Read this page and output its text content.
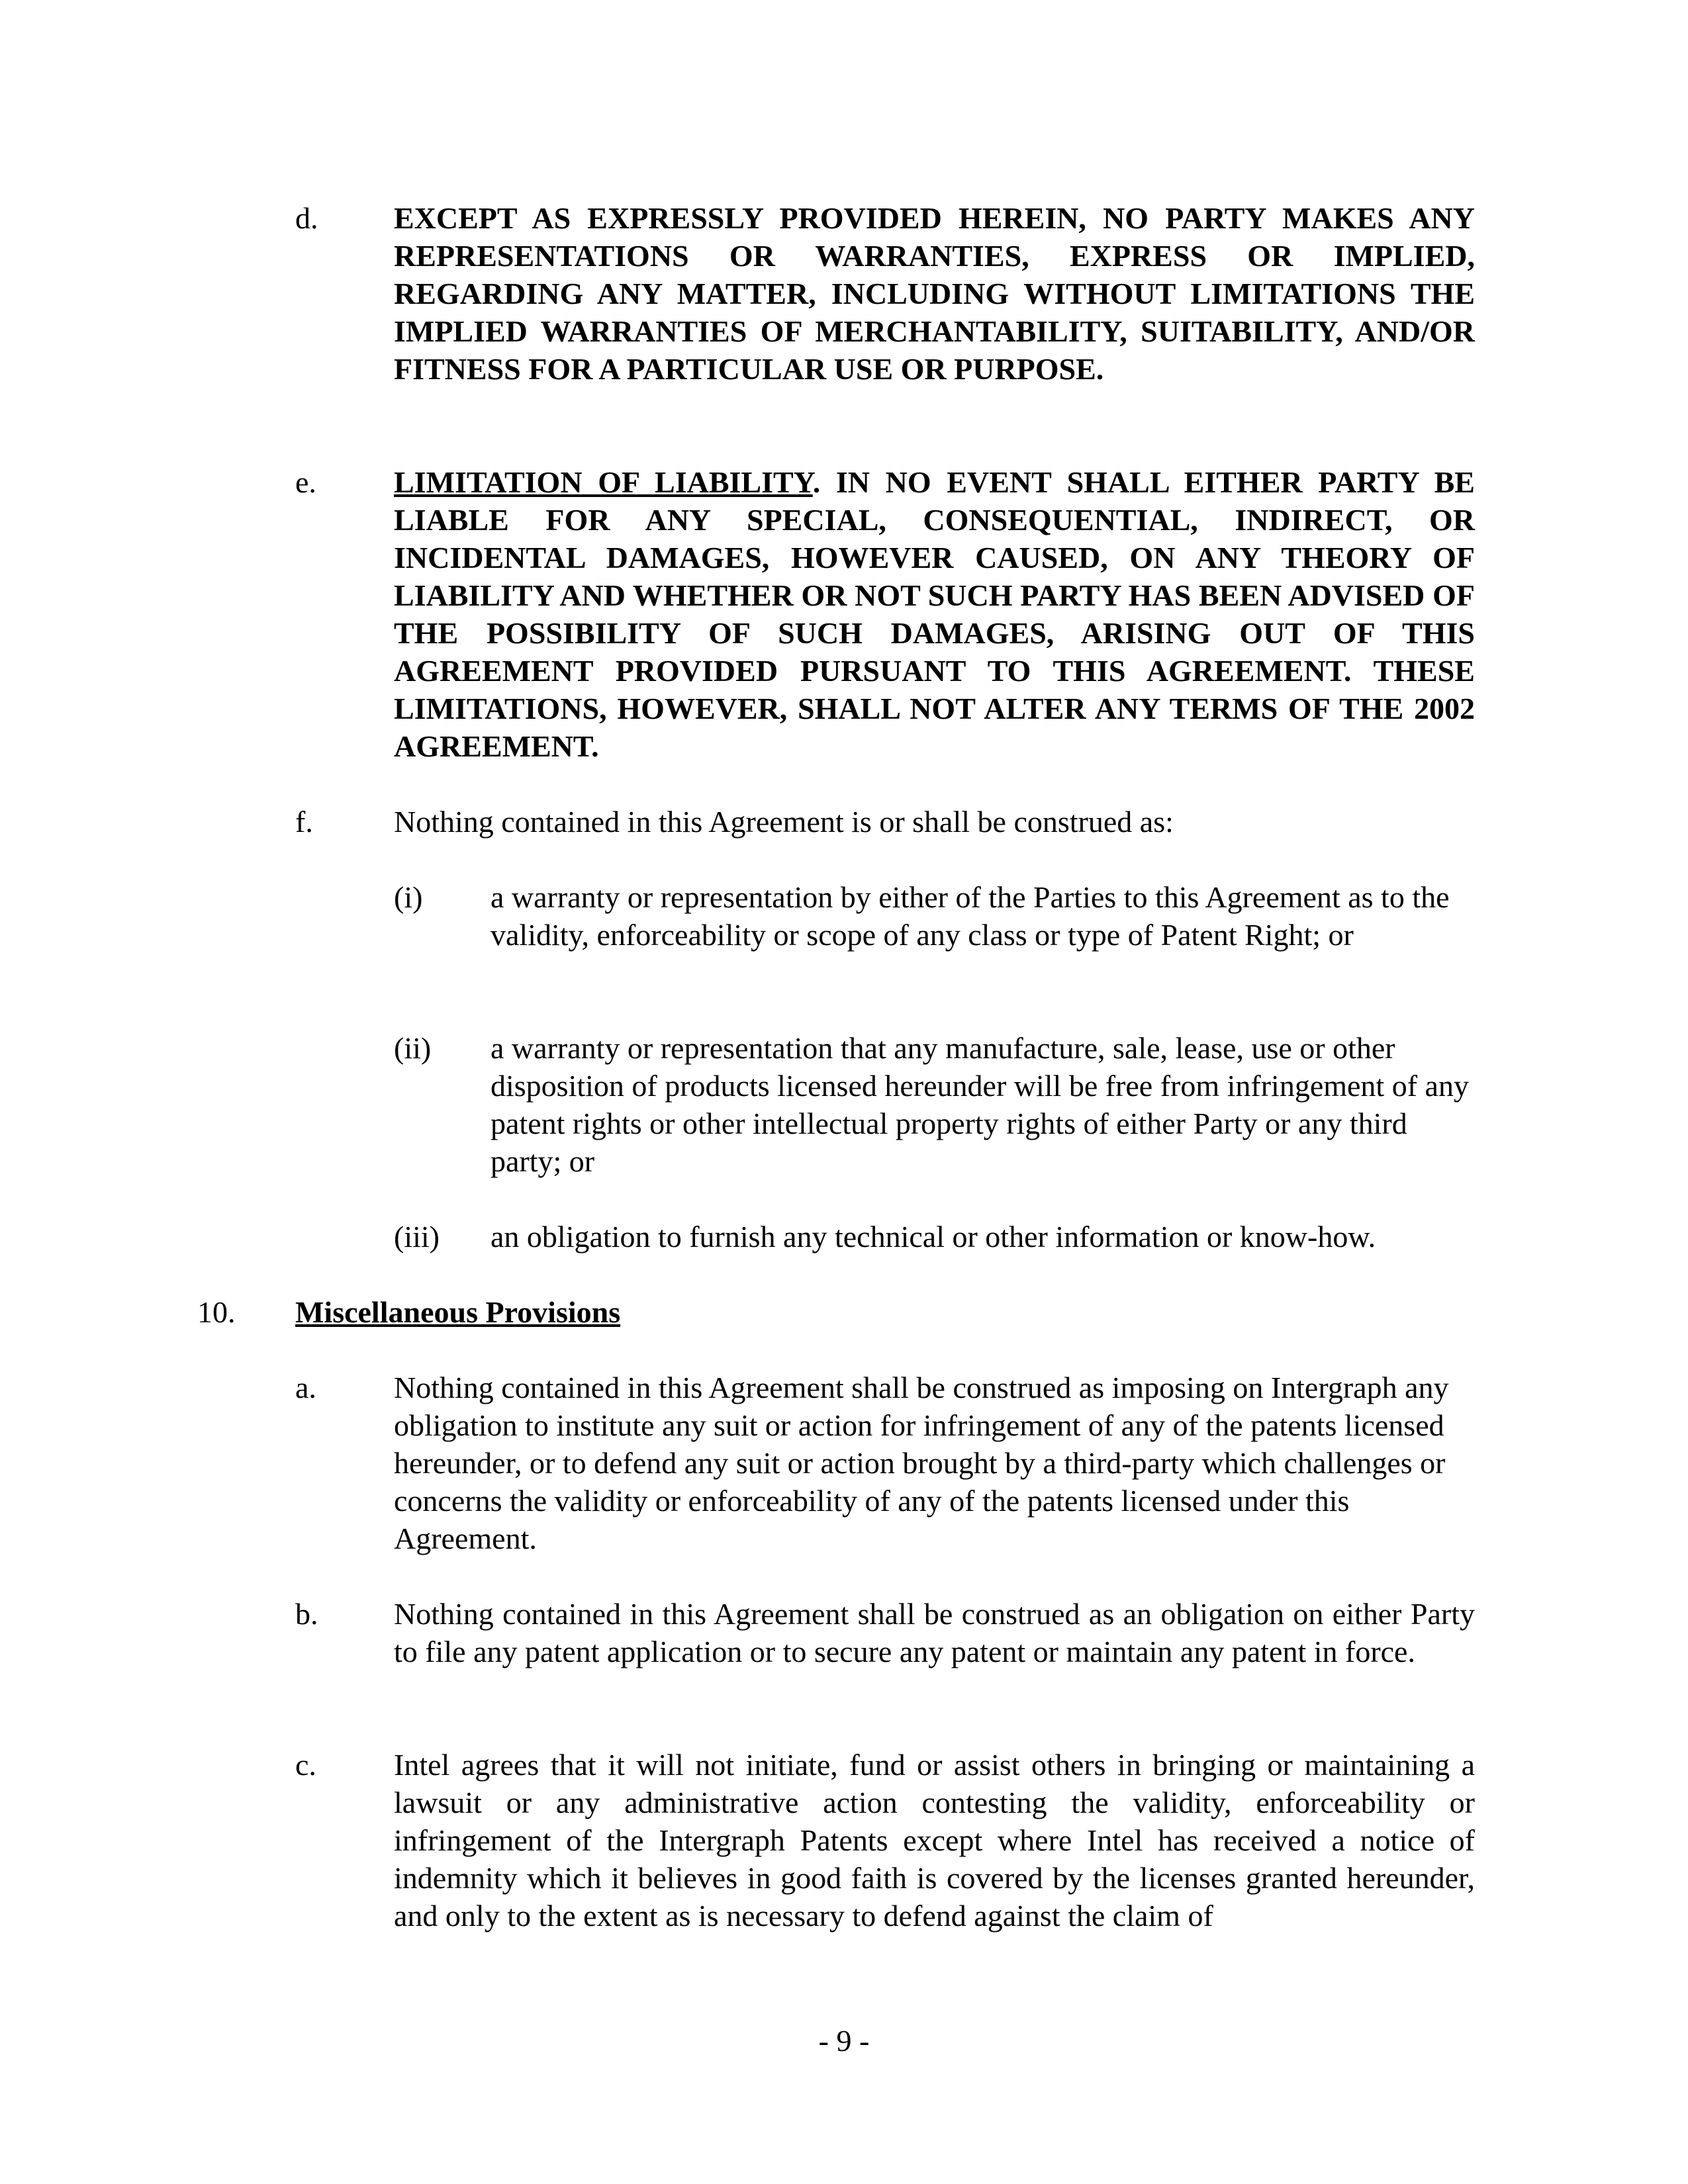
d. EXCEPT AS EXPRESSLY PROVIDED HEREIN, NO PARTY MAKES ANY REPRESENTATIONS OR WARRANTIES, EXPRESS OR IMPLIED, REGARDING ANY MATTER, INCLUDING WITHOUT LIMITATIONS THE IMPLIED WARRANTIES OF MERCHANTABILITY, SUITABILITY, AND/OR FITNESS FOR A PARTICULAR USE OR PURPOSE.

e.	LIMITATION OF LIABILITY. IN NO EVENT SHALL EITHER PARTY BE LIABLE FOR ANY SPECIAL, CONSEQUENTIAL, INDIRECT, OR INCIDENTAL DAMAGES, HOWEVER CAUSED, ON ANY THEORY OF LIABILITY AND WHETHER OR NOT SUCH PARTY HAS BEEN ADVISED OF THE POSSIBILITY OF SUCH DAMAGES, ARISING OUT OF THIS AGREEMENT PROVIDED PURSUANT TO THIS AGREEMENT. THESE LIMITATIONS, HOWEVER, SHALL NOT ALTER ANY TERMS OF THE 2002 AGREEMENT.

f.	Nothing contained in this Agreement is or shall be construed as:

(i) a warranty or representation by either of the Parties to this Agreement as to the validity, enforceability or scope of any class or type of Patent Right; or

(ii) a warranty or representation that any manufacture, sale, lease, use or other disposition of products licensed hereunder will be free from infringement of any patent rights or other intellectual property rights of either Party or any third party; or

(iii) an obligation to furnish any technical or other information or know-how.

10. Miscellaneous Provisions

a.	Nothing contained in this Agreement shall be construed as imposing on Intergraph any obligation to institute any suit or action for infringement of any of the patents licensed hereunder, or to defend any suit or action brought by a third-party which challenges or concerns the validity or enforceability of any of the patents licensed under this Agreement.

b. Nothing contained in this Agreement shall be construed as an obligation on either Party to file any patent application or to secure any patent or maintain any patent in force.

c.	Intel agrees that it will not initiate, fund or assist others in bringing or maintaining a lawsuit or any administrative action contesting the validity, enforceability or infringement of the Intergraph Patents except where Intel has received a notice of indemnity which it believes in good faith is covered by the licenses granted hereunder, and only to the extent as is necessary to defend against the claim of

- 9 -
